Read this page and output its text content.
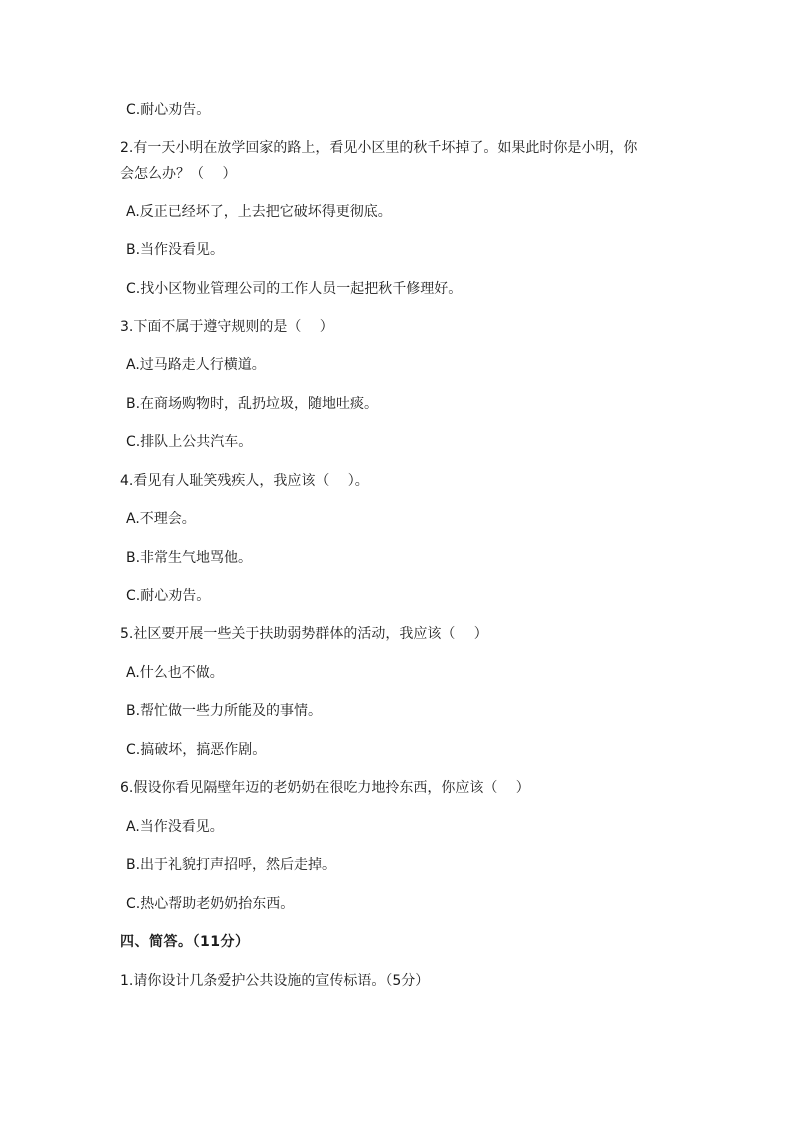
C.耐心劝告。
2.有一天小明在放学回家的路上，看见小区里的秋千坏掉了。如果此时你是小明，你
会怎么办？（　 ）
A.反正已经坏了，上去把它破坏得更彻底。
B.当作没看见。
C.找小区物业管理公司的工作人员一起把秋千修理好。
3.下面不属于遵守规则的是（　 ）
A.过马路走人行横道。
B.在商场购物时，乱扔垃圾，随地吐痰。
C.排队上公共汽车。
4.看见有人耻笑残疾人，我应该（　 ）。
A.不理会。
B.非常生气地骂他。
C.耐心劝告。
5.社区要开展一些关于扶助弱势群体的活动，我应该（　 ）
A.什么也不做。
B.帮忙做一些力所能及的事情。
C.搞破坏，搞恶作剧。
6.假设你看见隔壁年迈的老奶奶在很吃力地拎东西，你应该（　 ）
A.当作没看见。
B.出于礼貌打声招呼，然后走掉。
C.热心帮助老奶奶抬东西。
四、简答。（11分）
1.请你设计几条爱护公共设施的宣传标语。（5分）
